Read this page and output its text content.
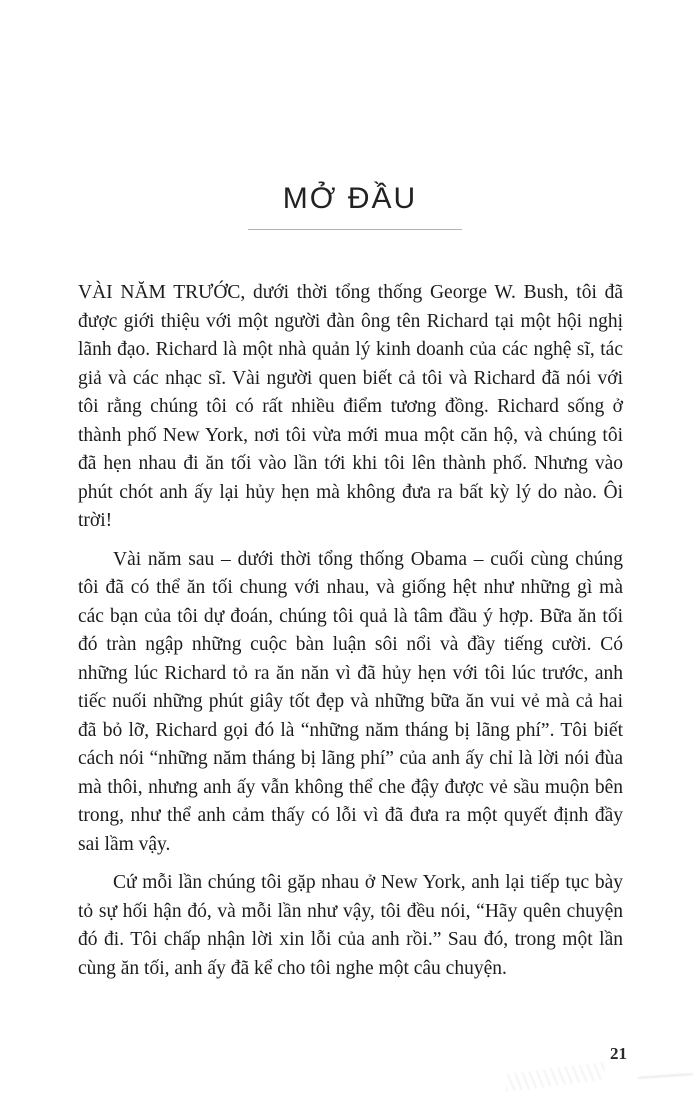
MỞ ĐẦU

VÀI NĂM TRƯỚC, dưới thời tổng thống George W. Bush, tôi đã được giới thiệu với một người đàn ông tên Richard tại một hội nghị lãnh đạo. Richard là một nhà quản lý kinh doanh của các nghệ sĩ, tác giả và các nhạc sĩ. Vài người quen biết cả tôi và Richard đã nói với tôi rằng chúng tôi có rất nhiều điểm tương đồng. Richard sống ở thành phố New York, nơi tôi vừa mới mua một căn hộ, và chúng tôi đã hẹn nhau đi ăn tối vào lần tới khi tôi lên thành phố. Nhưng vào phút chót anh ấy lại hủy hẹn mà không đưa ra bất kỳ lý do nào. Ôi trời!

Vài năm sau – dưới thời tổng thống Obama – cuối cùng chúng tôi đã có thể ăn tối chung với nhau, và giống hệt như những gì mà các bạn của tôi dự đoán, chúng tôi quả là tâm đầu ý hợp. Bữa ăn tối đó tràn ngập những cuộc bàn luận sôi nổi và đầy tiếng cười. Có những lúc Richard tỏ ra ăn năn vì đã hủy hẹn với tôi lúc trước, anh tiếc nuối những phút giây tốt đẹp và những bữa ăn vui vẻ mà cả hai đã bỏ lỡ, Richard gọi đó là “những năm tháng bị lãng phí”. Tôi biết cách nói “những năm tháng bị lãng phí” của anh ấy chỉ là lời nói đùa mà thôi, nhưng anh ấy vẫn không thể che đậy được vẻ sầu muộn bên trong, như thể anh cảm thấy có lỗi vì đã đưa ra một quyết định đầy sai lầm vậy.

Cứ mỗi lần chúng tôi gặp nhau ở New York, anh lại tiếp tục bày tỏ sự hối hận đó, và mỗi lần như vậy, tôi đều nói, “Hãy quên chuyện đó đi. Tôi chấp nhận lời xin lỗi của anh rồi.” Sau đó, trong một lần cùng ăn tối, anh ấy đã kể cho tôi nghe một câu chuyện.

21
